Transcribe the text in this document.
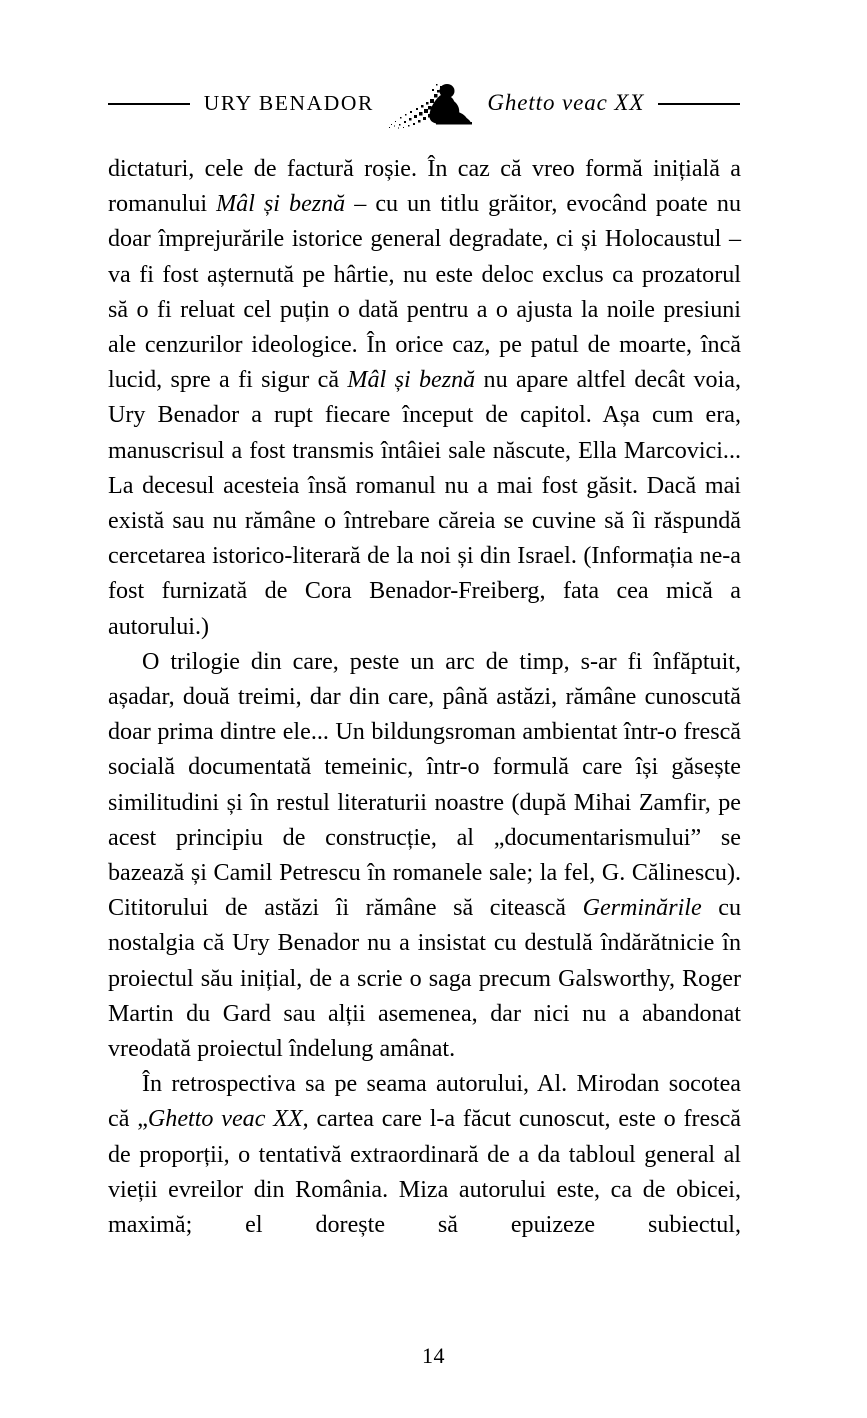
URY BENADOR	Ghetto veac XX

dictaturi, cele de factură roșie. În caz că vreo formă inițială a romanului Mâl și beznă – cu un titlu grăitor, evocând poate nu doar împrejurările istorice general degradate, ci și Holocaustul – va fi fost așternută pe hârtie, nu este deloc exclus ca prozatorul să o fi reluat cel puțin o dată pentru a o ajusta la noile presiuni ale cenzurilor ideologice. În orice caz, pe patul de moarte, încă lucid, spre a fi sigur că Mâl și beznă nu apare altfel decât voia, Ury Benador a rupt fiecare început de capitol. Așa cum era, manuscrisul a fost transmis întâiei sale născute, Ella Marcovici... La decesul acesteia însă romanul nu a mai fost găsit. Dacă mai există sau nu rămâne o întrebare căreia se cuvine să îi răspundă cercetarea istorico-literară de la noi și din Israel. (Informația ne-a fost furnizată de Cora Benador-Freiberg, fata cea mică a autorului.)

O trilogie din care, peste un arc de timp, s-ar fi înfăptuit, așadar, două treimi, dar din care, până astăzi, rămâne cunoscută doar prima dintre ele... Un bildungsroman ambientat într-o frescă socială documentată temeinic, într-o formulă care își găsește similitudini și în restul literaturii noastre (după Mihai Zamfir, pe acest principiu de construcție, al „documentarismului” se bazează și Camil Petrescu în romanele sale; la fel, G. Călinescu). Cititorului de astăzi îi rămâne să citească Germinările cu nostalgia că Ury Benador nu a insistat cu destulă îndărătnicie în proiectul său inițial, de a scrie o saga precum Galsworthy, Roger Martin du Gard sau alții asemenea, dar nici nu a abandonat vreodată proiectul îndelung amânat.

În retrospectiva sa pe seama autorului, Al. Mirodan socotea că „Ghetto veac XX, cartea care l-a făcut cunoscut, este o frescă de proporții, o tentativă extraordinară de a da tabloul general al vieții evreilor din România. Miza autorului este, ca de obicei, maximă; el dorește să epuizeze subiectul,

14
